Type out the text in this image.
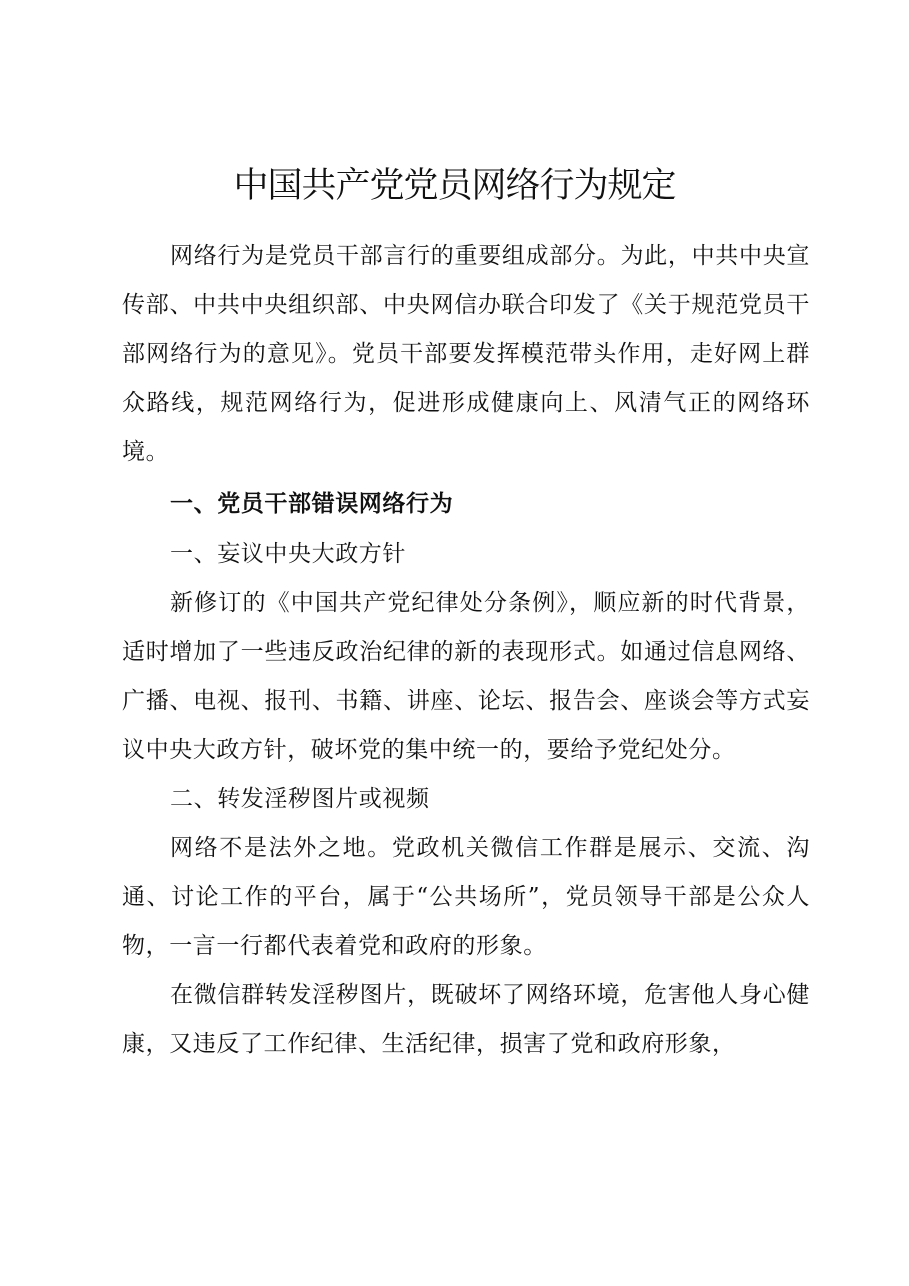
中国共产党党员网络行为规定

网络行为是党员干部言行的重要组成部分。为此，中共中央宣传部、中共中央组织部、中央网信办联合印发了《关于规范党员干部网络行为的意见》。党员干部要发挥模范带头作用，走好网上群众路线，规范网络行为，促进形成健康向上、风清气正的网络环境。

一、党员干部错误网络行为

一、妄议中央大政方针

新修订的《中国共产党纪律处分条例》，顺应新的时代背景，适时增加了一些违反政治纪律的新的表现形式。如通过信息网络、广播、电视、报刊、书籍、讲座、论坛、报告会、座谈会等方式妄议中央大政方针，破坏党的集中统一的，要给予党纪处分。

二、转发淫秽图片或视频

网络不是法外之地。党政机关微信工作群是展示、交流、沟通、讨论工作的平台，属于“公共场所”，党员领导干部是公众人物，一言一行都代表着党和政府的形象。

在微信群转发淫秽图片，既破坏了网络环境，危害他人身心健康，又违反了工作纪律、生活纪律，损害了党和政府形象，
